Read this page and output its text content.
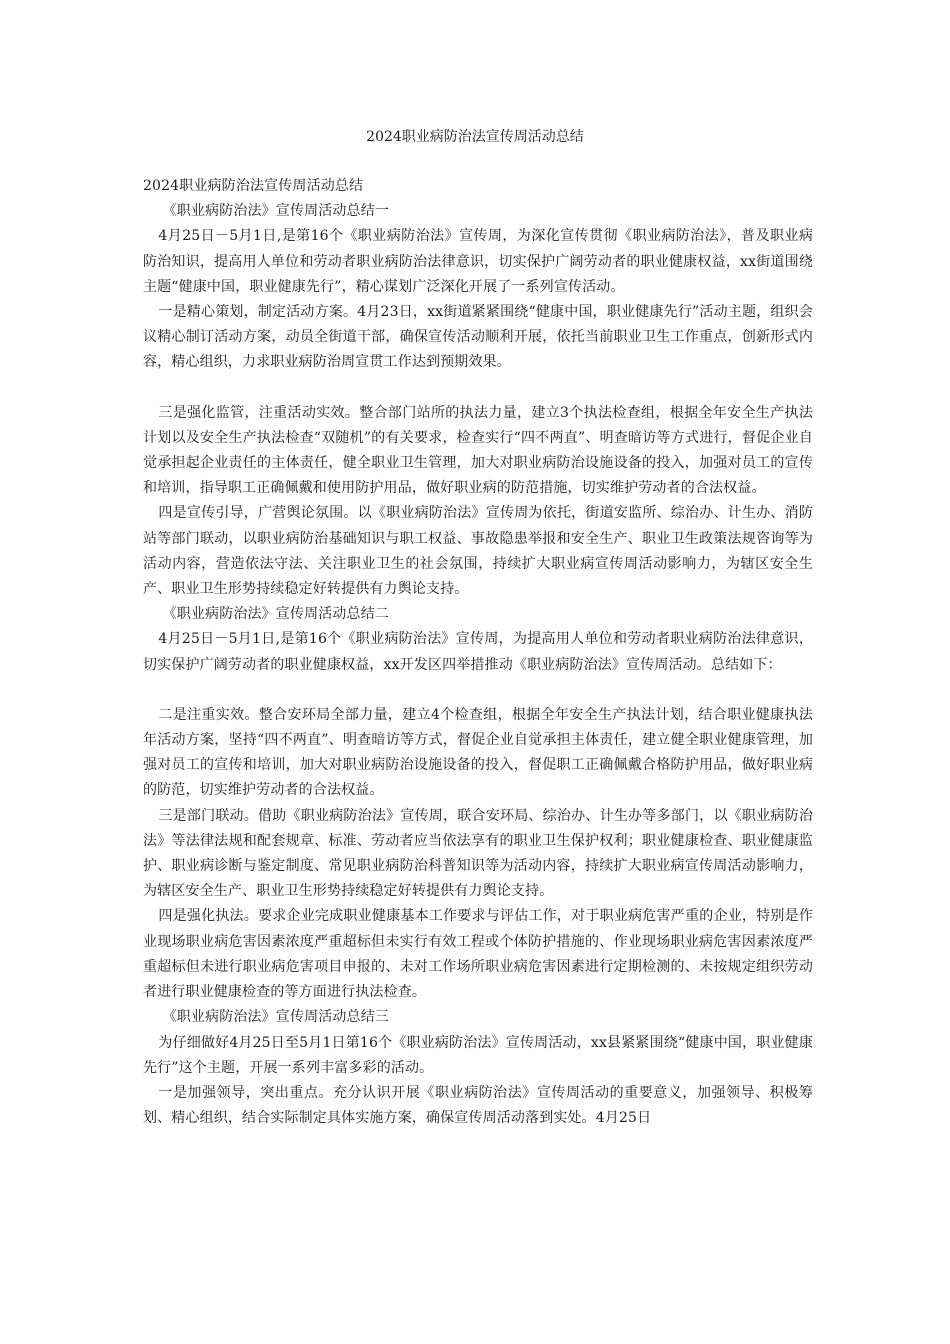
2024职业病防治法宣传周活动总结

2024职业病防治法宣传周活动总结

《职业病防治法》宣传周活动总结一

4月25日－5月1日,是第16个《职业病防治法》宣传周，为深化宣传贯彻《职业病防治法》，普及职业病防治知识，提高用人单位和劳动者职业病防治法律意识，切实保护广阔劳动者的职业健康权益，xx街道围绕主题“健康中国，职业健康先行”，精心谋划广泛深化开展了一系列宣传活动。

一是精心策划，制定活动方案。4月23日，xx街道紧紧围绕“健康中国，职业健康先行”活动主题，组织会议精心制订活动方案，动员全街道干部，确保宣传活动顺利开展，依托当前职业卫生工作重点，创新形式内容，精心组织，力求职业病防治周宣贯工作达到预期效果。

三是强化监管，注重活动实效。整合部门站所的执法力量，建立3个执法检查组，根据全年安全生产执法计划以及安全生产执法检查“双随机”的有关要求，检查实行“四不两直”、明查暗访等方式进行，督促企业自觉承担起企业责任的主体责任，健全职业卫生管理，加大对职业病防治设施设备的投入，加强对员工的宣传和培训，指导职工正确佩戴和使用防护用品，做好职业病的防范措施，切实维护劳动者的合法权益。

四是宣传引导，广营舆论氛围。以《职业病防治法》宣传周为依托，街道安监所、综治办、计生办、消防站等部门联动，以职业病防治基础知识与职工权益、事故隐患举报和安全生产、职业卫生政策法规咨询等为活动内容，营造依法守法、关注职业卫生的社会氛围，持续扩大职业病宣传周活动影响力，为辖区安全生产、职业卫生形势持续稳定好转提供有力舆论支持。

《职业病防治法》宣传周活动总结二

4月25日－5月1日,是第16个《职业病防治法》宣传周，为提高用人单位和劳动者职业病防治法律意识，切实保护广阔劳动者的职业健康权益，xx开发区四举措推动《职业病防治法》宣传周活动。总结如下：

二是注重实效。整合安环局全部力量，建立4个检查组，根据全年安全生产执法计划，结合职业健康执法年活动方案，坚持“四不两直”、明查暗访等方式，督促企业自觉承担主体责任，建立健全职业健康管理，加强对员工的宣传和培训，加大对职业病防治设施设备的投入，督促职工正确佩戴合格防护用品，做好职业病的防范，切实维护劳动者的合法权益。

三是部门联动。借助《职业病防治法》宣传周，联合安环局、综治办、计生办等多部门，以《职业病防治法》等法律法规和配套规章、标准、劳动者应当依法享有的职业卫生保护权利；职业健康检查、职业健康监护、职业病诊断与鉴定制度、常见职业病防治科普知识等为活动内容，持续扩大职业病宣传周活动影响力，为辖区安全生产、职业卫生形势持续稳定好转提供有力舆论支持。

四是强化执法。要求企业完成职业健康基本工作要求与评估工作，对于职业病危害严重的企业，特别是作业现场职业病危害因素浓度严重超标但未实行有效工程或个体防护措施的、作业现场职业病危害因素浓度严重超标但未进行职业病危害项目申报的、未对工作场所职业病危害因素进行定期检测的、未按规定组织劳动者进行职业健康检查的等方面进行执法检查。

《职业病防治法》宣传周活动总结三

为仔细做好4月25日至5月1日第16个《职业病防治法》宣传周活动，xx县紧紧围绕“健康中国，职业健康先行”这个主题，开展一系列丰富多彩的活动。

一是加强领导，突出重点。充分认识开展《职业病防治法》宣传周活动的重要意义，加强领导、积极筹划、精心组织，结合实际制定具体实施方案，确保宣传周活动落到实处。4月25日
